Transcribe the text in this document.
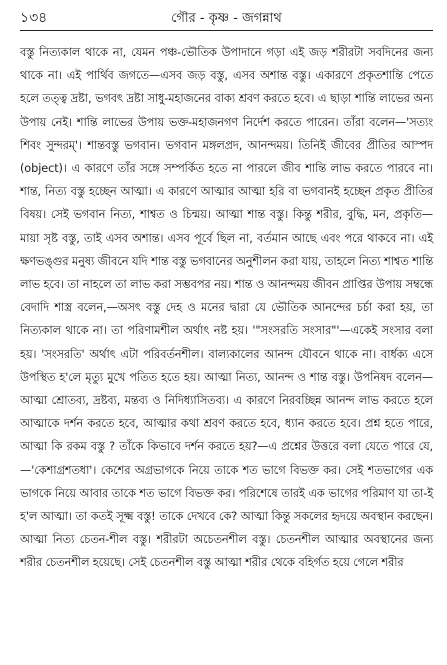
১৩৪	গৌর - কৃষ্ণ - জগন্নাথ

বস্তু নিত্যকাল থাকে না, যেমন পঞ্চ-ভৌতিক উপাদানে গড়া এই জড় শরীরটা সবদিনের জন্য থাকে না। এই পার্থিব জগতে—এসব জড় বস্তু, এসব অশান্ত বস্তু। একারণে প্রকৃতশান্তি পেতে হলে তত্ত্ব দ্রষ্টা, ভগবৎ দ্রষ্টা সাধু-মহাজনের বাক্য শ্রবণ করতে হবে। এ ছাড়া শান্তি লাভের অন্য উপায় নেই। শান্তি লাভের উপায় ভক্ত-মহাজনগণ নির্দেশ করতে পারেন। তাঁরা বলেন—'সত্যং শিবং সুন্দরম্'। শান্তবস্তু ভগবান। ভগবান মঙ্গলপ্রদ, আনন্দময়। তিনিই জীবের প্রীতির আস্পদ (object)। এ কারণে তাঁর সঙ্গে সম্পর্কিত হতে না পারলে জীব শান্তি লাভ করতে পারবে না। শান্ত, নিত্য বস্তু হচ্ছেন আত্মা। এ কারণে আত্মার আত্মা হরি বা ভগবানই হচ্ছেন প্রকৃত প্রীতির বিষয়। সেই ভগবান নিত্য, শাশ্বত ও চিন্ময়। আত্মা শান্ত বস্তু। কিন্তু শরীর, বুদ্ধি, মন, প্রকৃতি—মায়া সৃষ্ট বস্তু, তাই এসব অশান্ত। এসব পূর্বে ছিল না, বর্তমান আছে এবং পরে থাকবে না। এই ক্ষণভঙ্গুর মনুষ্য জীবনে যদি শান্ত বস্তু ভগবানের অনুশীলন করা যায়, তাহলে নিত্য শাশ্বত শান্তি লাভ হবে। তা নাহলে তা লাভ করা সম্ভবপর নয়। শান্ত ও আনন্দময় জীবন প্রাপ্তির উপায় সম্বন্ধে বেদাদি শাস্ত্র বলেন,—অসৎ বস্তু দেহ ও মনের দ্বারা যে ভৌতিক আনন্দের চর্চা করা হয়, তা নিত্যকাল থাকে না। তা পরিণামশীল অর্থাৎ নষ্ট হয়। '"সংসরতি সংসার"'—একেই সংসার বলা হয়। 'সংসরতি' অর্থাৎ এটা পরিবর্তনশীল। বাল্যকালের আনন্দ যৌবনে থাকে না। বার্ধক্য এসে উপস্থিত হ'লে মৃত্যু মুখে পতিত হতে হয়। আত্মা নিত্য, আনন্দ ও শান্ত বস্তু। উপনিষদ বলেন—আত্মা শ্রোতব্য, দ্রষ্টব্য, মন্তব্য ও নিদিধ্যাসিতব্য। এ কারণে নিরবচ্ছিন্ন আনন্দ লাভ করতে হলে আত্মাকে দর্শন করতে হবে, আত্মার কথা শ্রবণ করতে হবে, ধ্যান করতে হবে। প্রশ্ন হতে পারে, আত্মা কি রকম বস্তু ? তাঁকে কিভাবে দর্শন করতে হয়?—এ প্রশ্নের উত্তরে বলা যেতে পারে যে,—'কেশাগ্রশতধা'। কেশের অগ্রভাগকে নিয়ে তাকে শত ভাগে বিভক্ত কর। সেই শতভাগের এক ভাগকে নিয়ে আবার তাকে শত ভাগে বিভক্ত কর। পরিশেষে তারই এক ভাগের পরিমাণ যা তা-ই হ'ল আত্মা। তা কতই সূক্ষ্ম বস্তু! তাকে দেখবে কে? আত্মা কিন্তু সকলের হৃদয়ে অবস্থান করছেন। আত্মা নিত্য চেতন-শীল বস্তু। শরীরটা অচেতনশীল বস্তু। চেতনশীল আত্মার অবস্থানের জন্য শরীর চেতনশীল হয়েছে। সেই চেতনশীল বস্তু আত্মা শরীর থেকে বহির্গত হয়ে গেলে শরীর
